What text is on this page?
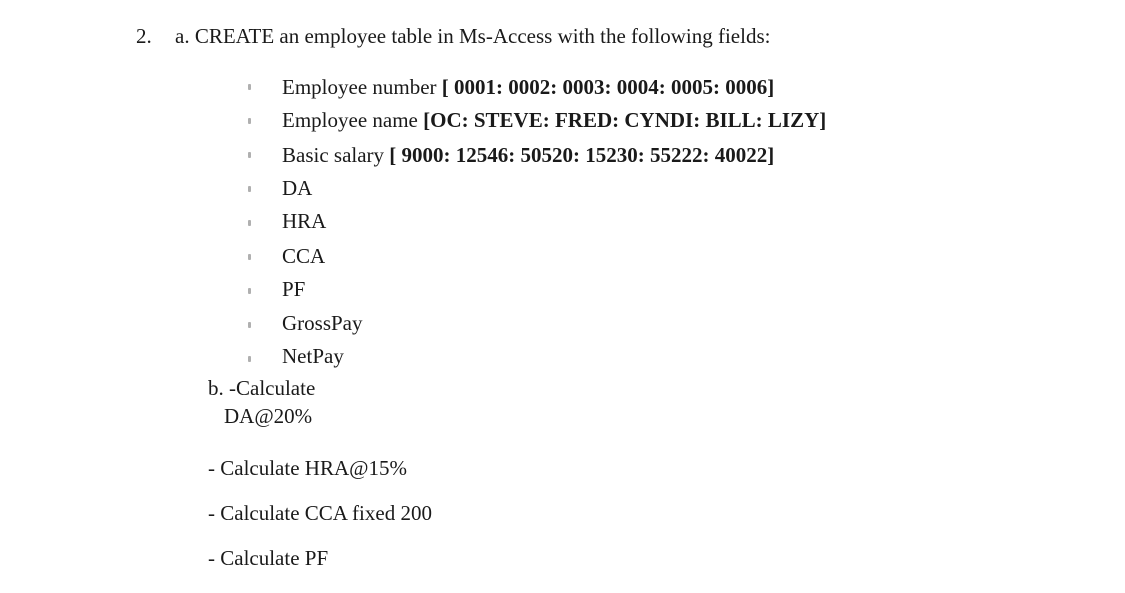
2. a. CREATE an employee table in Ms-Access with the following fields:
Employee number [ 0001: 0002: 0003: 0004: 0005: 0006]
Employee name [OC: STEVE: FRED: CYNDI: BILL: LIZY]
Basic salary [ 9000: 12546: 50520: 15230: 55222: 40022]
DA
HRA
CCA
PF
GrossPay
NetPay
b. -Calculate
DA@20%
- Calculate HRA@15%
- Calculate CCA fixed 200
- Calculate PF
